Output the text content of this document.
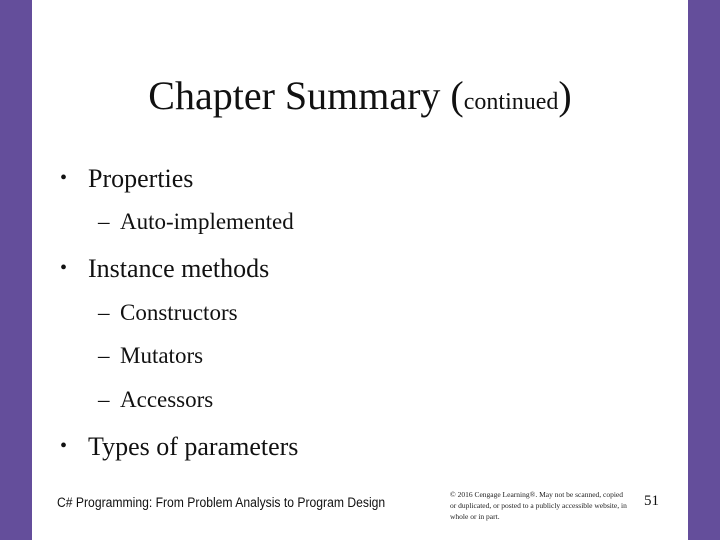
Chapter Summary (continued)
• Properties
– Auto-implemented
• Instance methods
– Constructors
– Mutators
– Accessors
• Types of parameters
C# Programming: From Problem Analysis to Program Design
© 2016 Cengage Learning®. May not be scanned, copied or duplicated, or posted to a publicly accessible website, in whole or in part.
51
